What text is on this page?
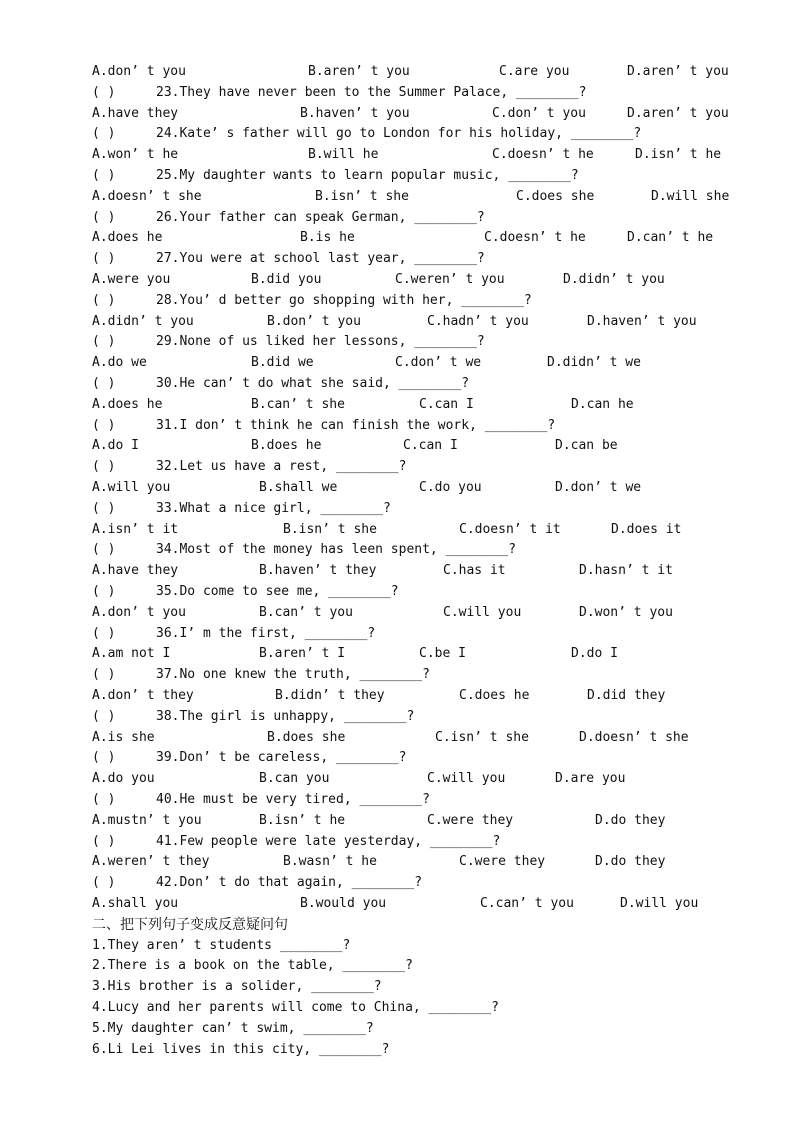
A.don’ t you	B.aren’ t you	C.are you	D.aren’ t you
( )	23.They have never been to the Summer Palace, ________?
A.have they	B.haven’ t you	C.don’ t you	D.aren’ t you
( )	24.Kate’ s father will go to London for his holiday, ________?
A.won’ t he	B.will he	C.doesn’ t he	D.isn’ t he
( )	25.My daughter wants to learn popular music, ________?
A.doesn’ t she	B.isn’ t she	C.does she	D.will she
( )	26.Your father can speak German, ________?
A.does he	B.is he	C.doesn’ t he	D.can’ t he
( )	27.You were at school last year, ________?
A.were you	B.did you	C.weren’ t you	D.didn’ t you
( )	28.You’ d better go shopping with her, ________?
A.didn’ t you	B.don’ t you	C.hadn’ t you	D.haven’ t you
( )	29.None of us liked her lessons, ________?
A.do we	B.did we	C.don’ t we	D.didn’ t we
( )	30.He can’ t do what she said, ________?
A.does he	B.can’ t she	C.can I	D.can he
( )	31.I don’ t think he can finish the work, ________?
A.do I	B.does he	C.can I	D.can be
( )	32.Let us have a rest, ________?
A.will you	B.shall we	C.do you	D.don’ t we
( )	33.What a nice girl, ________?
A.isn’ t it	B.isn’ t she	C.doesn’ t it	D.does it
( )	34.Most of the money has leen spent, ________?
A.have they	B.haven’ t they	C.has it	D.hasn’ t it
( )	35.Do come to see me, ________?
A.don’ t you	B.can’ t you	C.will you	D.won’ t you
( )	36.I’ m the first, ________?
A.am not I	B.aren’ t I	C.be I	D.do I
( )	37.No one knew the truth, ________?
A.don’ t they	B.didn’ t they	C.does he	D.did they
( )	38.The girl is unhappy, ________?
A.is she	B.does she	C.isn’ t she	D.doesn’ t she
( )	39.Don’ t be careless, ________?
A.do you	B.can you	C.will you	D.are you
( )	40.He must be very tired, ________?
A.mustn’ t you	B.isn’ t he	C.were they	D.do they
( )	41.Few people were late yesterday, ________?
A.weren’ t they	B.wasn’ t he	C.were they	D.do they
( )	42.Don’ t do that again, ________?
A.shall you	B.would you	C.can’ t you	D.will you
二、把下列句子变成反意疑问句
1.They aren’ t students ________?
2.There is a book on the table, ________?
3.His brother is a solider, ________?
4.Lucy and her parents will come to China, ________?
5.My daughter can’ t swim, ________?
6.Li Lei lives in this city, ________?
